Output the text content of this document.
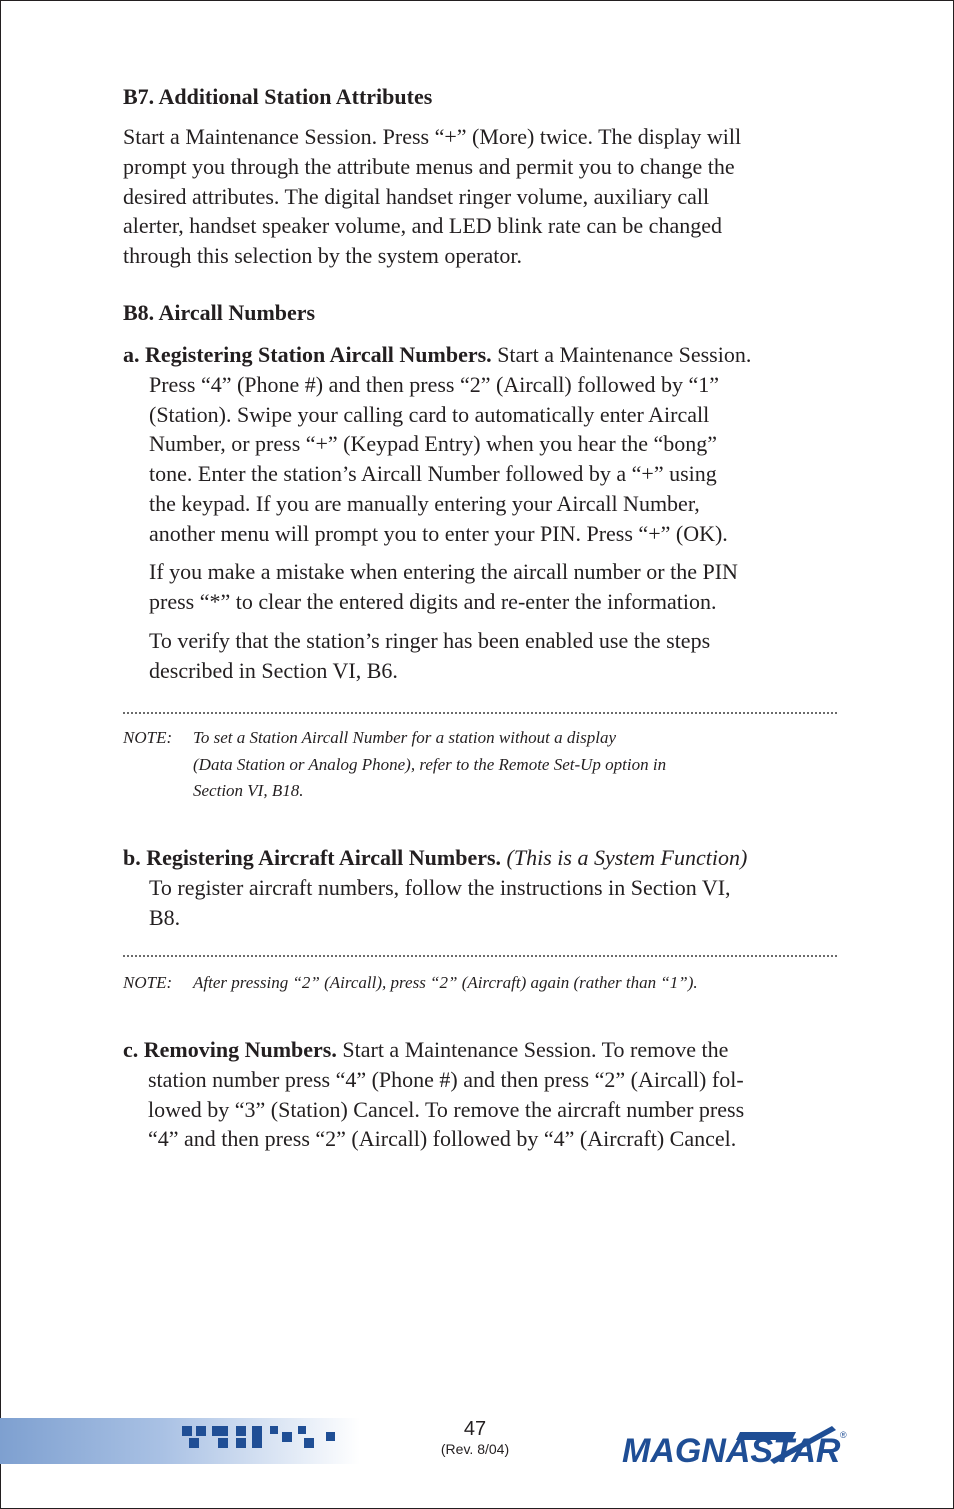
B7. Additional Station Attributes
Start a Maintenance Session. Press “+” (More) twice. The display will
prompt you through the attribute menus and permit you to change the
desired attributes. The digital handset ringer volume, auxiliary call
alerter, handset speaker volume, and LED blink rate can be changed
through this selection by the system operator.
B8. Aircall Numbers
a. Registering Station Aircall Numbers. Start a Maintenance Session.
Press “4” (Phone #) and then press “2” (Aircall) followed by “1”
(Station). Swipe your calling card to automatically enter Aircall
Number, or press “+” (Keypad Entry) when you hear the “bong”
tone. Enter the station’s Aircall Number followed by a “+” using
the keypad. If you are manually entering your Aircall Number,
another menu will prompt you to enter your PIN. Press “+” (OK).
If you make a mistake when entering the aircall number or the PIN
press “*” to clear the entered digits and re-enter the information.
To verify that the station’s ringer has been enabled use the steps
described in Section VI, B6.
NOTE: To set a Station Aircall Number for a station without a display
(Data Station or Analog Phone), refer to the Remote Set-Up option in
Section VI, B18.
b. Registering Aircraft Aircall Numbers. (This is a System Function)
To register aircraft numbers, follow the instructions in Section VI,
B8.
NOTE: After pressing “2” (Aircall), press “2” (Aircraft) again (rather than “1”).
c. Removing Numbers. Start a Maintenance Session. To remove the
station number press “4” (Phone #) and then press “2” (Aircall) fol-
lowed by “3” (Station) Cancel. To remove the aircraft number press
“4” and then press “2” (Aircall) followed by “4” (Aircraft) Cancel.
47
(Rev. 8/04)	MAGNASTAR ®
